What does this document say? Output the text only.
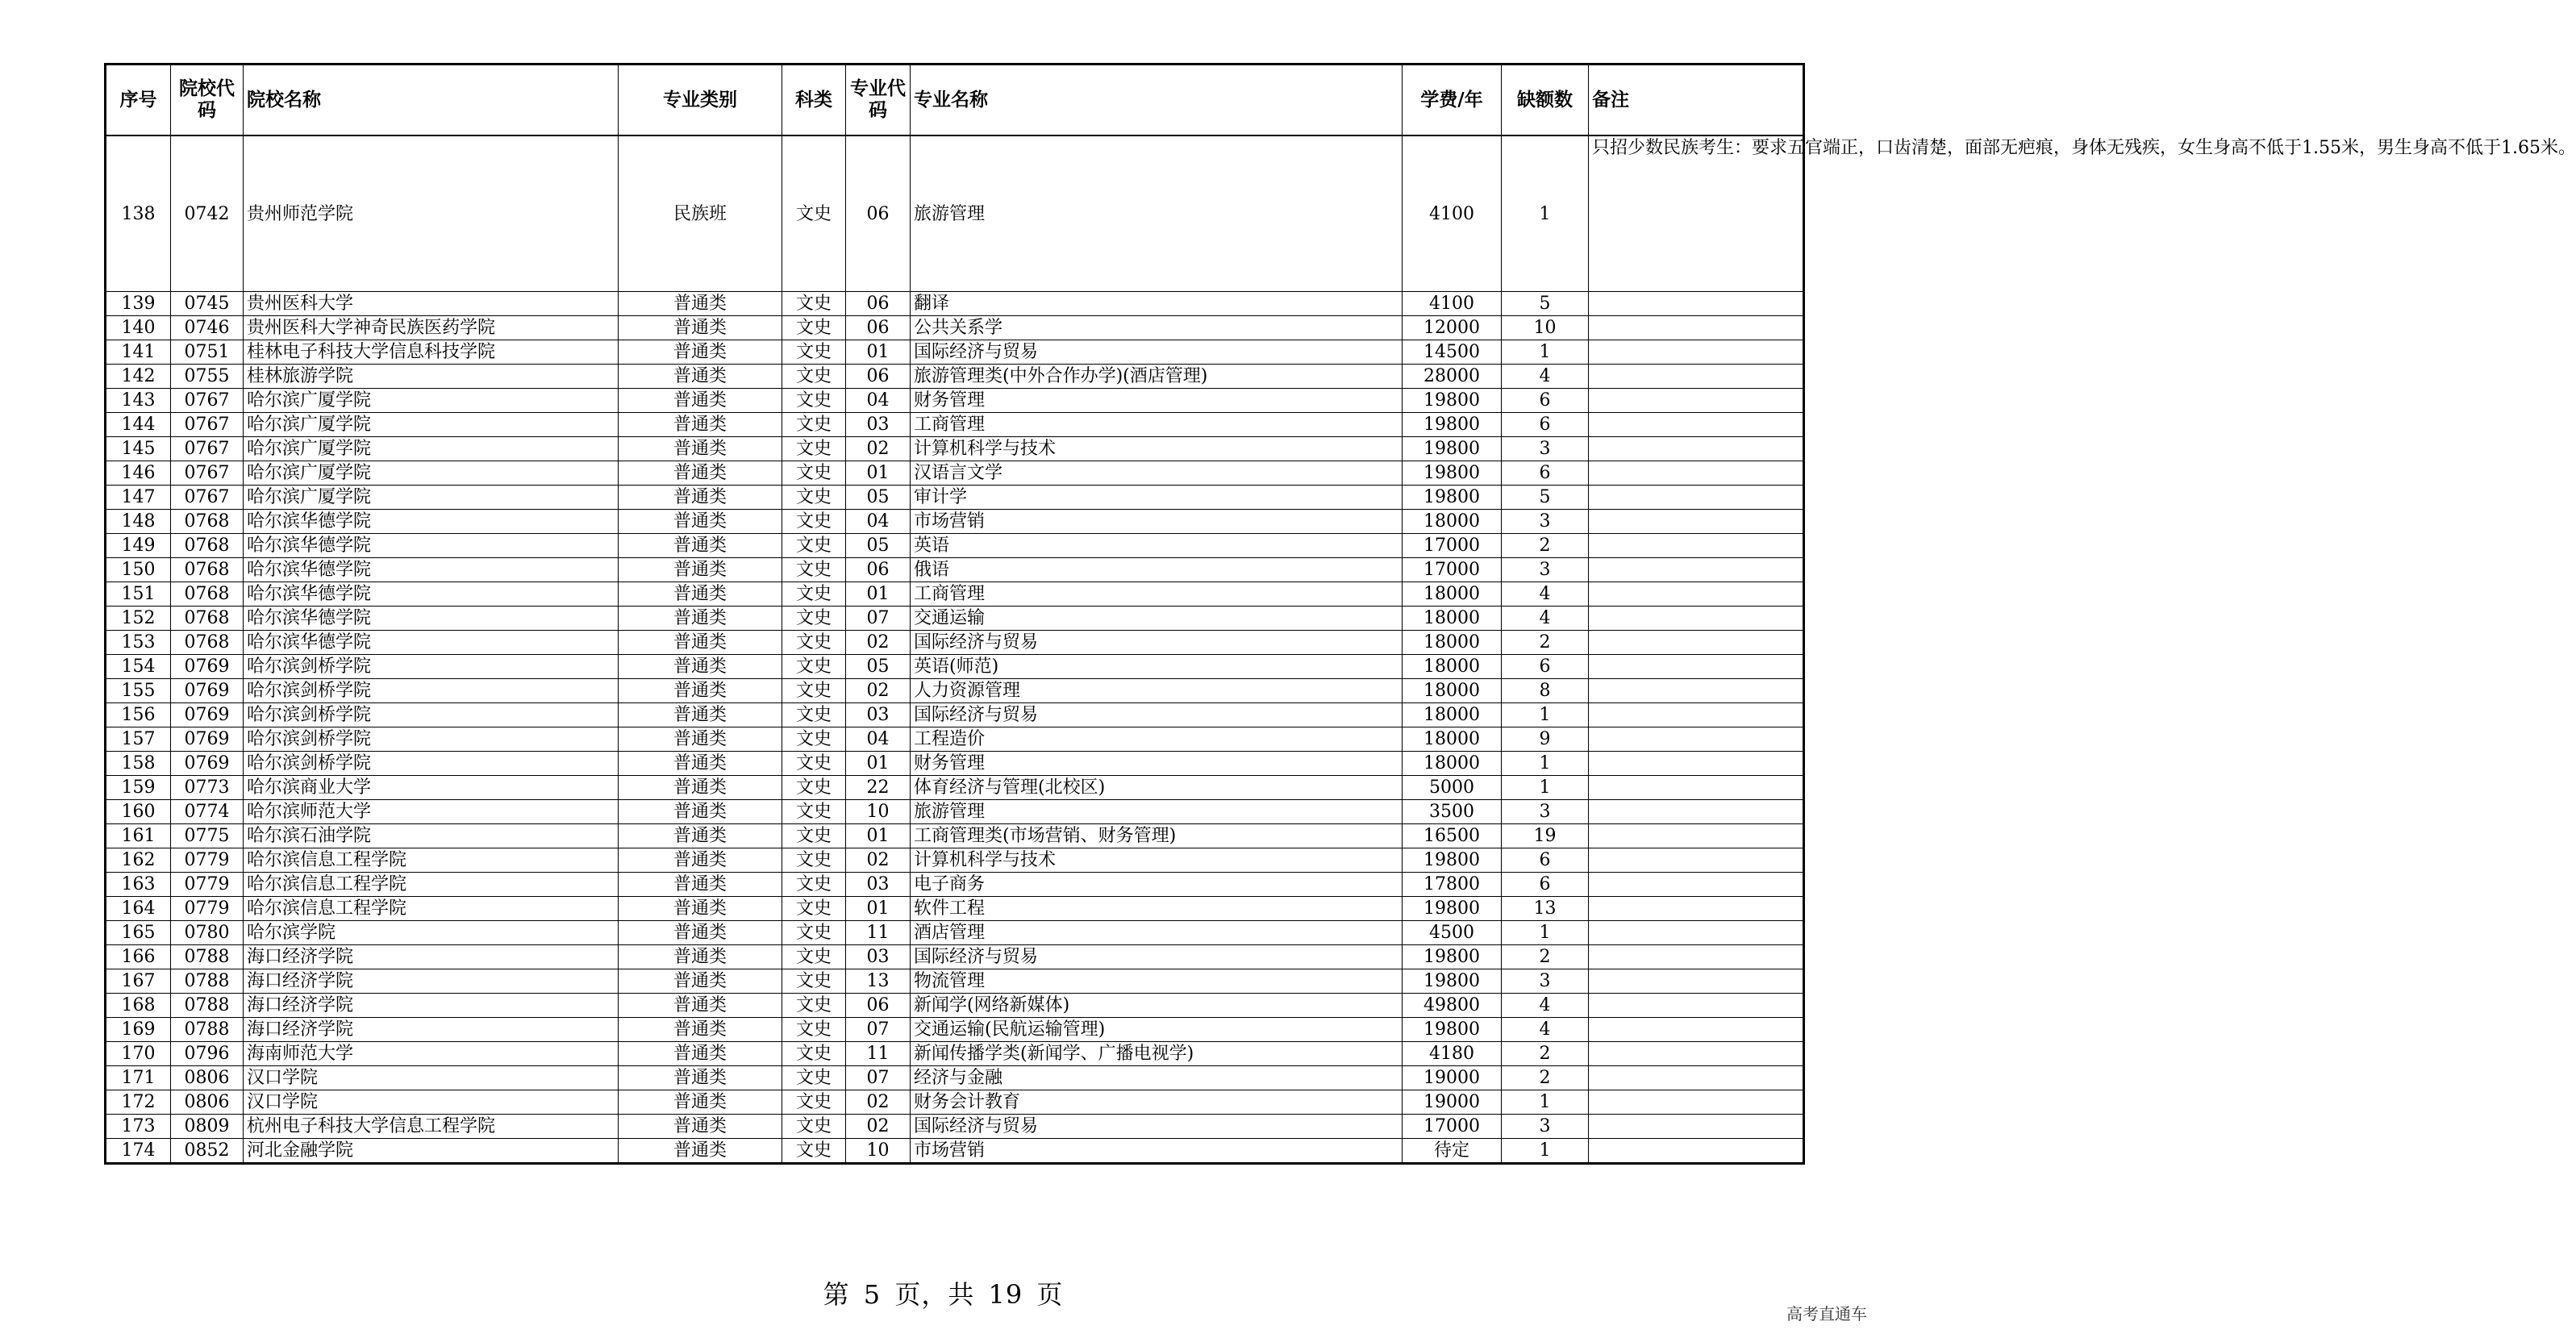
序号	院校代码	院校名称	专业类别	科类	专业代码	专业名称	学费/年	缺额数	备注
138	0742	贵州师范学院	民族班	文史	06	旅游管理	4100	1	只招少数民族考生：要求五官端正，口齿清楚，面部无疤痕，身体无残疾，女生身高不低于1.55米，男生身高不低于1.65米。
139	0745	贵州医科大学	普通类	文史	06	翻译	4100	5	
140	0746	贵州医科大学神奇民族医药学院	普通类	文史	06	公共关系学	12000	10	
141	0751	桂林电子科技大学信息科技学院	普通类	文史	01	国际经济与贸易	14500	1	
142	0755	桂林旅游学院	普通类	文史	06	旅游管理类(中外合作办学)(酒店管理)	28000	4	
143	0767	哈尔滨广厦学院	普通类	文史	04	财务管理	19800	6	
144	0767	哈尔滨广厦学院	普通类	文史	03	工商管理	19800	6	
145	0767	哈尔滨广厦学院	普通类	文史	02	计算机科学与技术	19800	3	
146	0767	哈尔滨广厦学院	普通类	文史	01	汉语言文学	19800	6	
147	0767	哈尔滨广厦学院	普通类	文史	05	审计学	19800	5	
148	0768	哈尔滨华德学院	普通类	文史	04	市场营销	18000	3	
149	0768	哈尔滨华德学院	普通类	文史	05	英语	17000	2	
150	0768	哈尔滨华德学院	普通类	文史	06	俄语	17000	3	
151	0768	哈尔滨华德学院	普通类	文史	01	工商管理	18000	4	
152	0768	哈尔滨华德学院	普通类	文史	07	交通运输	18000	4	
153	0768	哈尔滨华德学院	普通类	文史	02	国际经济与贸易	18000	2	
154	0769	哈尔滨剑桥学院	普通类	文史	05	英语(师范)	18000	6	
155	0769	哈尔滨剑桥学院	普通类	文史	02	人力资源管理	18000	8	
156	0769	哈尔滨剑桥学院	普通类	文史	03	国际经济与贸易	18000	1	
157	0769	哈尔滨剑桥学院	普通类	文史	04	工程造价	18000	9	
158	0769	哈尔滨剑桥学院	普通类	文史	01	财务管理	18000	1	
159	0773	哈尔滨商业大学	普通类	文史	22	体育经济与管理(北校区)	5000	1	
160	0774	哈尔滨师范大学	普通类	文史	10	旅游管理	3500	3	
161	0775	哈尔滨石油学院	普通类	文史	01	工商管理类(市场营销、财务管理)	16500	19	
162	0779	哈尔滨信息工程学院	普通类	文史	02	计算机科学与技术	19800	6	
163	0779	哈尔滨信息工程学院	普通类	文史	03	电子商务	17800	6	
164	0779	哈尔滨信息工程学院	普通类	文史	01	软件工程	19800	13	
165	0780	哈尔滨学院	普通类	文史	11	酒店管理	4500	1	
166	0788	海口经济学院	普通类	文史	03	国际经济与贸易	19800	2	
167	0788	海口经济学院	普通类	文史	13	物流管理	19800	3	
168	0788	海口经济学院	普通类	文史	06	新闻学(网络新媒体)	49800	4	
169	0788	海口经济学院	普通类	文史	07	交通运输(民航运输管理)	19800	4	
170	0796	海南师范大学	普通类	文史	11	新闻传播学类(新闻学、广播电视学)	4180	2	
171	0806	汉口学院	普通类	文史	07	经济与金融	19000	2	
172	0806	汉口学院	普通类	文史	02	财务会计教育	19000	1	
173	0809	杭州电子科技大学信息工程学院	普通类	文史	02	国际经济与贸易	17000	3	
174	0852	河北金融学院	普通类	文史	10	市场营销	待定	1	
第 5 页，共 19 页
高考直通车
